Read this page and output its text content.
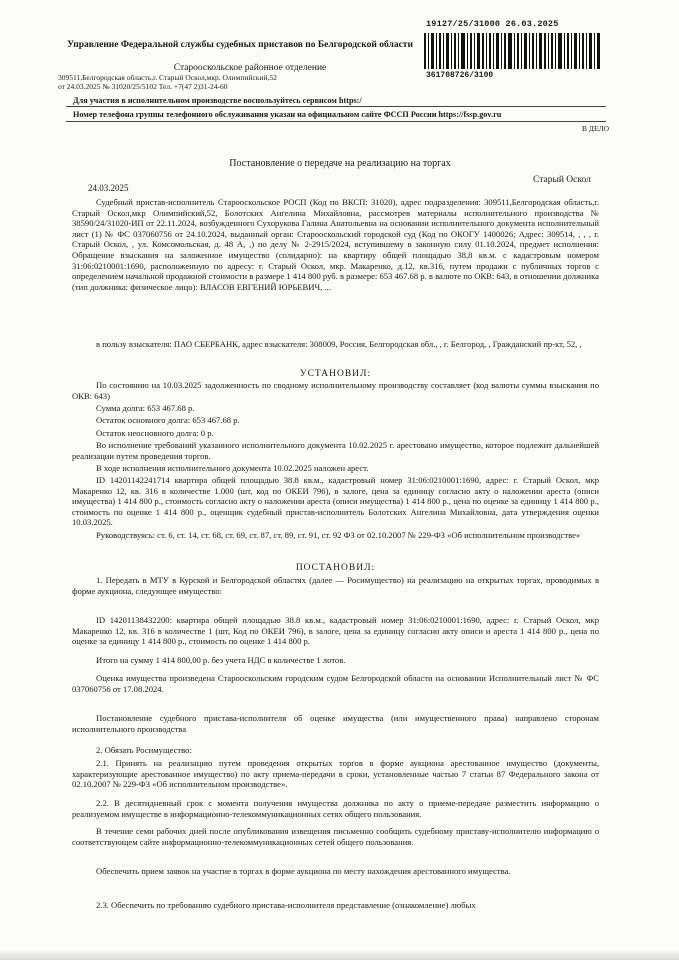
19127/25/31000 26.03.2025
361708726/3100
Управление Федеральной службы судебных приставов по Белгородской области
Старооскольское районное отделение
309511,Белгородская область,г. Старый Оскол,мкр. Олимпийский,52
от 24.03.2025 № 31020/25/5102 Тел. +7(47 2)31-24-60
Для участия в исполнительном производстве воспользуйтесь сервисом https:/
Номер телефона группы телефонного обслуживания указан на официальном сайте ФССП России https://fssp.gov.ru
В ДЕЛО
Постановление о передаче на реализацию на торгах
Старый Оскол
24.03.2025
Судебный пристав-исполнитель Старооскольское РОСП (Код по ВКСП: 31020), адрес подразделения: 309511,Белгородская область,г. Старый Оскол,мкр Олимпийский,52, Болотских Ангелина Михайловна, рассмотрев материалы исполнительного производства № 38590/24/31020-ИП от 22.11.2024, возбужденного Сухорукова Галина Анатольевна на основании исполнительного документа исполнительный лист (1) № ФС 037060756 от 24.10.2024, выданный орган: Старооскольский городской суд (Код по ОКОГУ 1400026; Адрес: 309514, , , , г. Старый Оскол, , ул. Комсомольская, д. 48 А, ,) по делу № 2-2915/2024, вступившему в законную силу 01.10.2024, предмет исполнения: Обращение взыскания на заложенное имущество (солидарно): на квартиру общей площадью 38,8 кв.м. с кадастровым номером 31:06:0210001:1690, расположенную по адресу: г. Старый Оскол, мкр. Макаренко, д.12, кв.316, путем продажи с публичных торгов с определением начальной продажной стоимости в размере 1 414 800 руб. в размере: 653 467.68 р. в валюте по ОКВ: 643, в отношении должника (тип должника: физическое лицо): ВЛАСОВ ЕВГЕНИЙ ЮРЬЕВИЧ, ...
в пользу взыскателя: ПАО СБЕРБАНК, адрес взыскателя: 308009, Россия, Белгородская обл., , г. Белгород, , Гражданский пр-кт, 52, ,
УСТАНОВИЛ:
По состоянию на 10.03.2025 задолженность по сводному исполнительному производству составляет (код валюты суммы взыскания по ОКВ: 643)
Сумма долга: 653 467.68 р.
Остаток основного долга: 653 467.68 р.
Остаток неосновного долга: 0 р.
Во исполнение требований указанного исполнительного документа 10.02.2025 г. арестовано имущество, которое подлежит дальнейшей реализации путем проведения торгов.
В ходе исполнения исполнительного документа 10.02.2025 наложен арест.
ID 14201142241714 квартира общей площадью 38.8 кв.м., кадастровый номер 31:06:0210001:1690, адрес: г. Старый Оскол, мкр Макаренко 12, кв. 316 в количестве 1.000 (шт, код по ОКЕИ 796), в залоге, цена за единицу согласно акту о наложении ареста (описи имущества) 1 414 800 р., стоимость согласно акту о наложении ареста (описи имущества) 1 414 800 р., цена по оценке за единицу 1 414 800 р., стоимость по оценке 1 414 800 р., оценщик судебный пристав-исполнитель Болотских Ангелина Михайловна, дата утверждения оценки 10.03.2025.
Руководствуясь: ст. 6, ст. 14, ст. 68, ст. 69, ст. 87, ст. 89, ст. 91, ст. 92 ФЗ от 02.10.2007 № 229-ФЗ «Об исполнительном производстве»
ПОСТАНОВИЛ:
1. Передать в МТУ в Курской и Белгородской областях (далее — Росимущество) на реализацию на открытых торгах, проводимых в форме аукциона, следующее имущество:
ID 14201138432200: квартира общей площадью 38.8 кв.м., кадастровый номер 31:06:0210001:1690, адрес: г. Старый Оскол, мкр Макаренко 12, кв. 316 в количестве 1 (шт, Код по ОКЕИ 796), в залоге, цена за единицу согласно акту описи и ареста 1 414 800 р., цена по оценке за единицу 1 414 800 р., стоимость по оценке 1 414 800 р.
Итого на сумму 1 414 800,00 р. без учета НДС в количестве 1 лотов.
Оценка имущества произведена Старооскольским городским судом Белгородской области на основании Исполнительный лист № ФС 037060756 от 17.08.2024.
Постановление судебного пристава-исполнителя об оценке имущества (или имущественного права) направлено сторонам исполнительного производства
2. Обязать Росимущество:
2.1. Принять на реализацию путем проведения открытых торгов в форме аукциона арестованное имущество (документы, характеризующие арестованное имущество) по акту приема-передачи в сроки, установленные частью 7 статьи 87 Федерального закона от 02.10.2007 № 229-ФЗ «Об исполнительном производстве».
2.2. В десятидневный срок с момента получения имущества должника по акту о приеме-передаче разместить информацию о реализуемом имуществе в информационно-телекоммуникационных сетях общего пользования.
В течение семи рабочих дней после опубликования извещения письменно сообщить судебному приставу-исполнителю информацию о соответствующем сайте информационно-телекоммуникационных сетей общего пользования.
Обеспечить прием заявок на участие в торгах в форме аукциона по месту нахождения арестованного имущества.
2.3. Обеспечить по требованию судебного пристава-исполнителя представление (ознакомление) любых
